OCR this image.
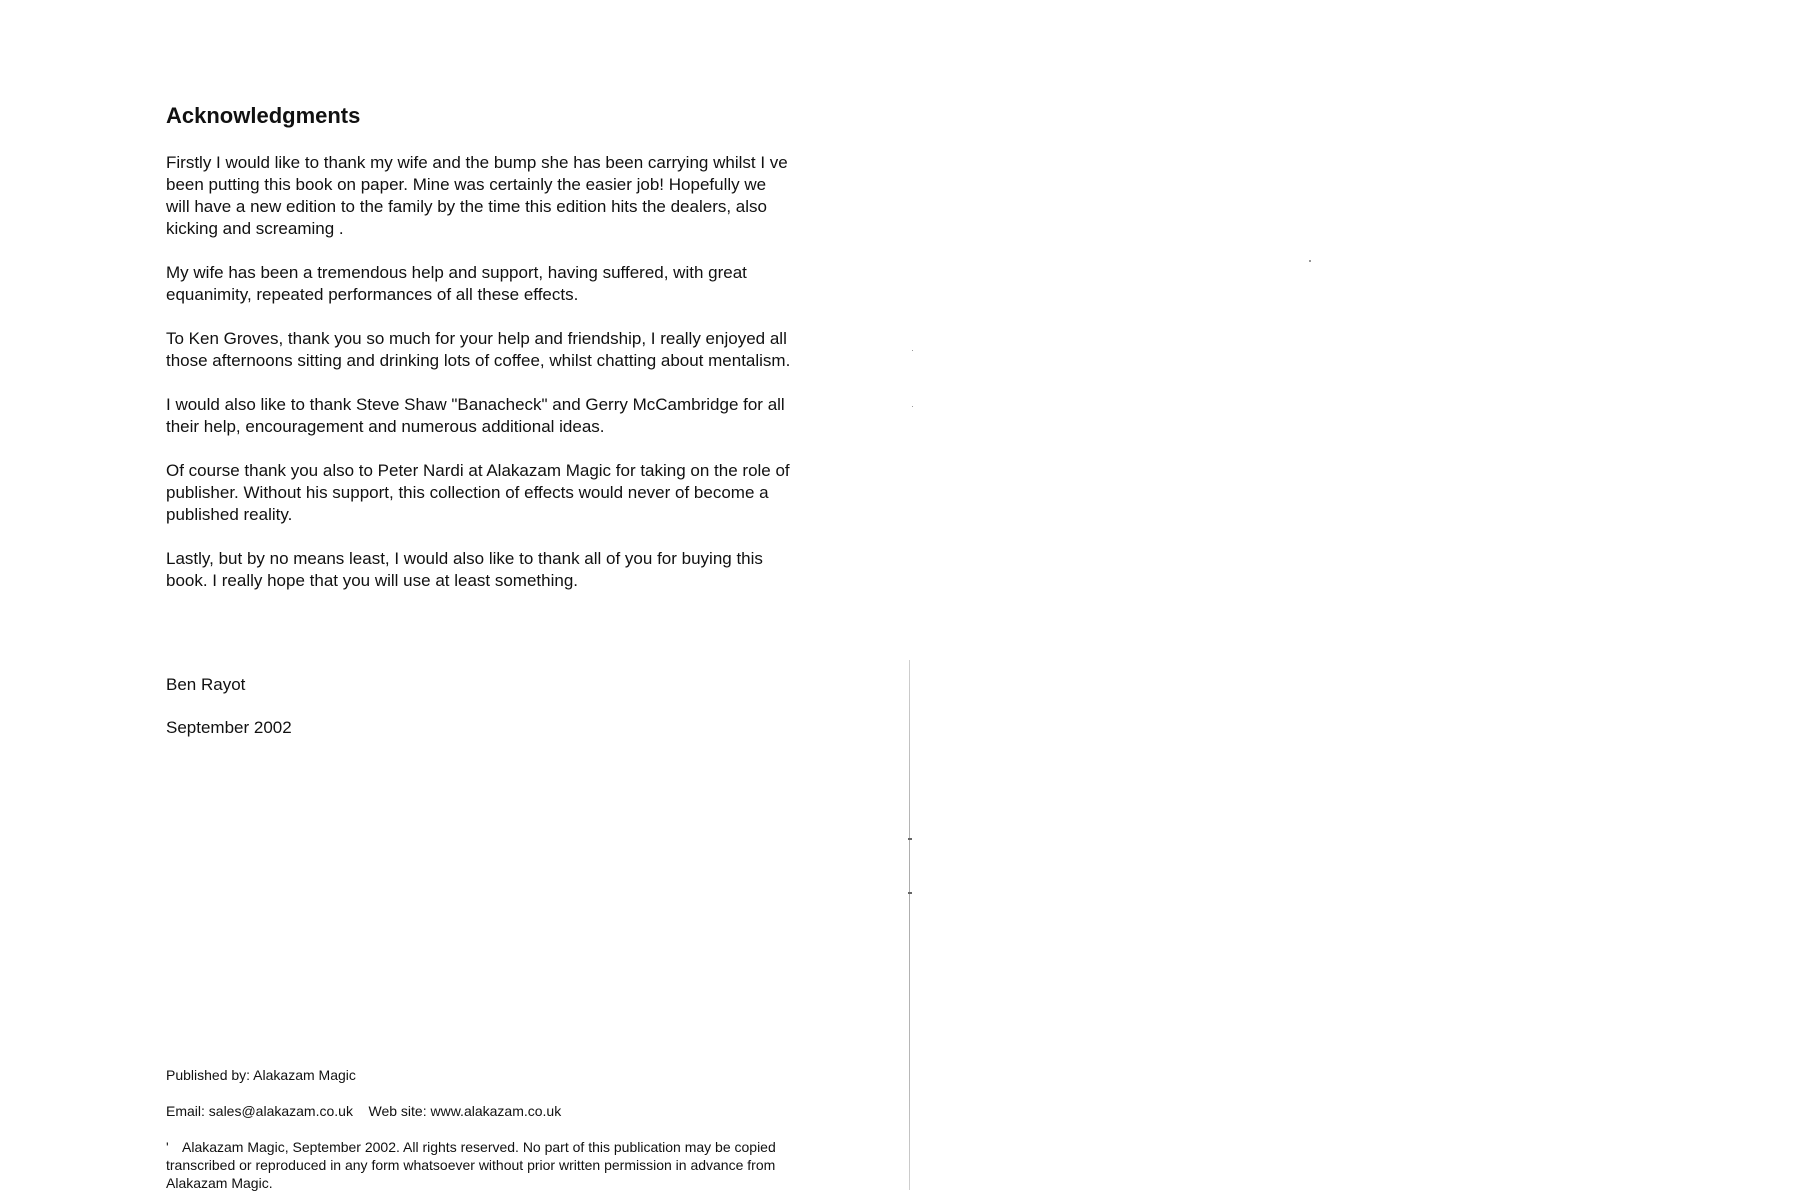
Acknowledgments

Firstly I would like to thank my wife and the bump she has been carrying whilst I ve
been putting this book on paper. Mine was certainly the easier job! Hopefully we
will have a new edition to the family by the time this edition hits the dealers, also
kicking and screaming .

My wife has been a tremendous help and support, having suffered, with great
equanimity, repeated performances of all these effects.

To Ken Groves, thank you so much for your help and friendship, I really enjoyed all
those afternoons sitting and drinking lots of coffee, whilst chatting about mentalism.

I would also like to thank Steve Shaw "Banacheck" and Gerry McCambridge for all
their help, encouragement and numerous additional ideas.

Of course thank you also to Peter Nardi at Alakazam Magic for taking on the role of
publisher. Without his support, this collection of effects would never of become a
published reality.

Lastly, but by no means least, I would also like to thank all of you for buying this
book. I really hope that you will use at least something.

Ben Rayot
September 2002
Published by: Alakazam Magic
Email: sales@alakazam.co.uk    Web site: www.alakazam.co.uk
' Alakazam Magic, September 2002. All rights reserved. No part of this publication may be copied
transcribed or reproduced in any form whatsoever without prior written permission in advance from
Alakazam Magic.
